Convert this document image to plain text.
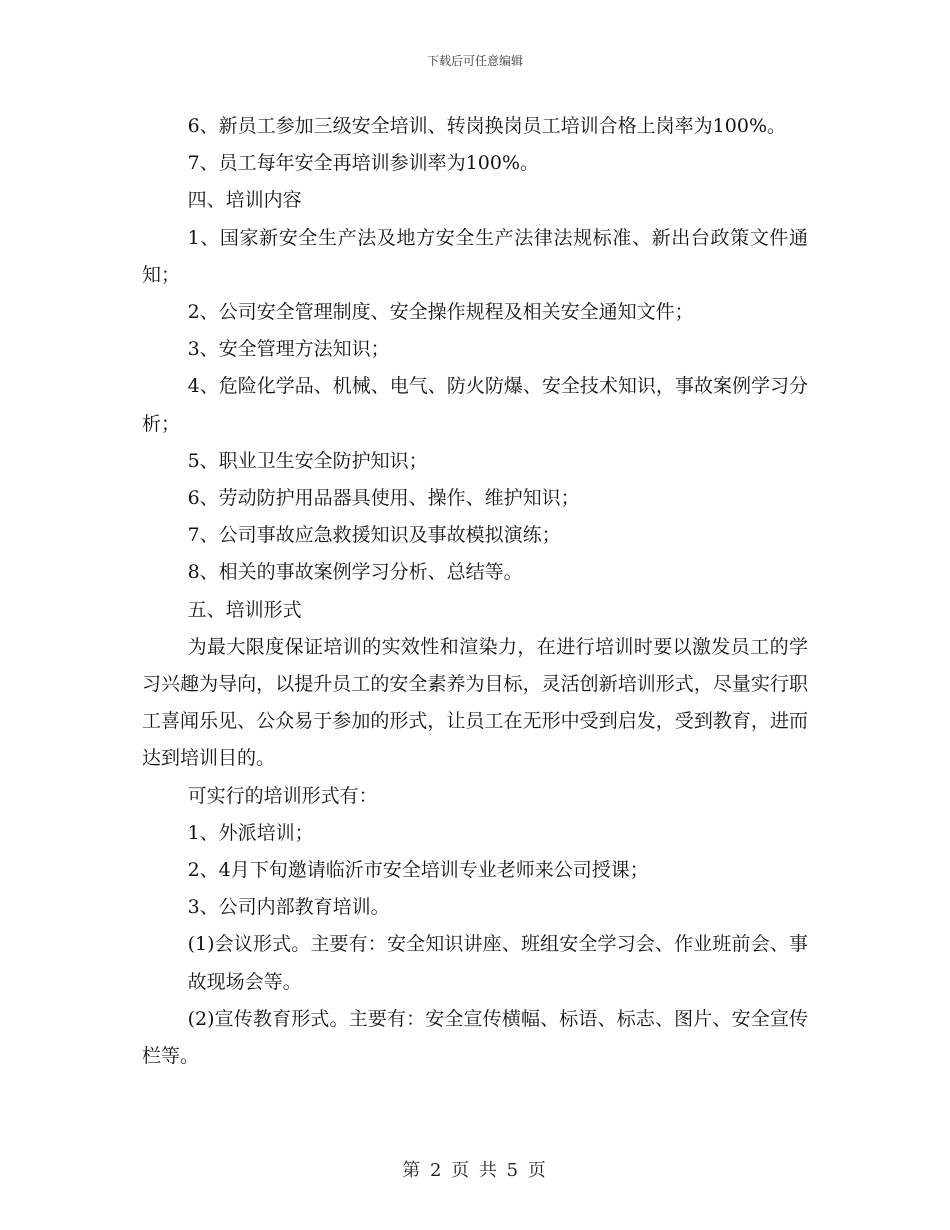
下载后可任意编辑

6、新员工参加三级安全培训、转岗换岗员工培训合格上岗率为100%。

7、员工每年安全再培训参训率为100%。

四、培训内容

1、国家新安全生产法及地方安全生产法律法规标准、新出台政策文件通知；

2、公司安全管理制度、安全操作规程及相关安全通知文件；

3、安全管理方法知识；

4、危险化学品、机械、电气、防火防爆、安全技术知识，事故案例学习分析；

5、职业卫生安全防护知识；

6、劳动防护用品器具使用、操作、维护知识；

7、公司事故应急救援知识及事故模拟演练；

8、相关的事故案例学习分析、总结等。

五、培训形式

为最大限度保证培训的实效性和渲染力，在进行培训时要以激发员工的学习兴趣为导向，以提升员工的安全素养为目标，灵活创新培训形式，尽量实行职工喜闻乐见、公众易于参加的形式，让员工在无形中受到启发，受到教育，进而达到培训目的。

可实行的培训形式有：

1、外派培训；

2、4月下旬邀请临沂市安全培训专业老师来公司授课；

3、公司内部教育培训。

(1)会议形式。主要有：安全知识讲座、班组安全学习会、作业班前会、事故现场会等。

(2)宣传教育形式。主要有：安全宣传横幅、标语、标志、图片、安全宣传栏等。

第 2 页 共 5 页
